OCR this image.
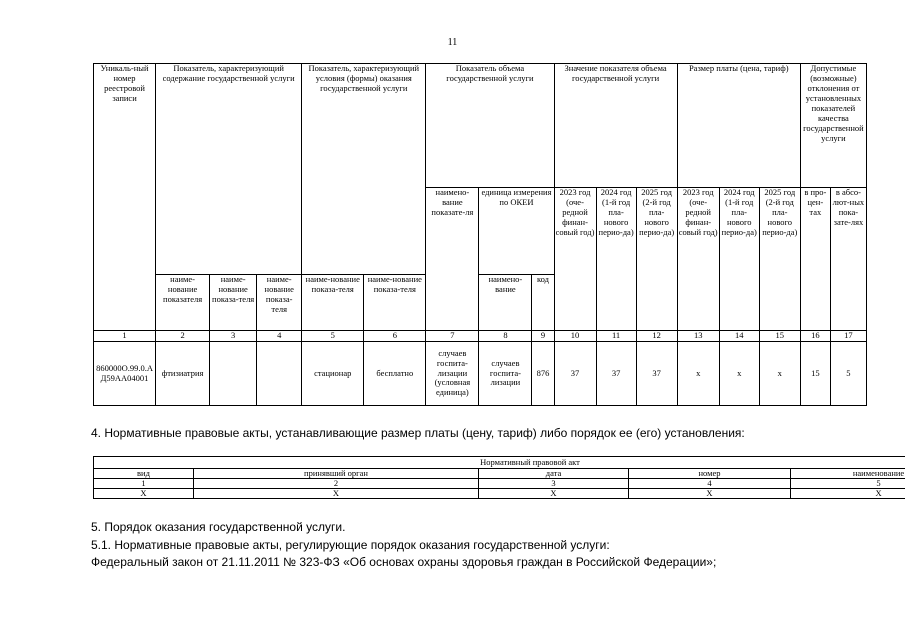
11
Уникаль-ный номер реестровой записи	Показатель, характеризующий содержание государственной услуги			Показатель, характеризующий условия (формы) оказания государственной услуги		Показатель объема государственной услуги			Значение показателя объема государственной услуги			Размер платы (цена, тариф)			Допустимые (возможные) отклонения от установленных показателей качества государственной услуги	
						наимено-вание показате-ля	единица измерения по ОКЕИ		2023 год (оче-редной финан-совый год)	2024 год (1-й год пла-нового перио-да)	2025 год (2-й год пла-нового перио-да)	2023 год (оче-редной финан-совый год)	2024 год (1-й год пла-нового перио-да)	2025 год (2-й год пла-нового перио-да)	в про-цен-тах	в абсо-лют-ных пока-зате-лях
	наиме-нование показателя	наиме-нование показа-теля	наиме-нование показа-теля	наиме-нование показа-теля	наиме-нование показа-теля		наимено-вание	код								
1	2	3	4	5	6	7	8	9	10	11	12	13	14	15	16	17
860000О.99.0.АД59АА04001	фтизиатрия			стационар	бесплатно	случаев госпита-лизации (условная единица)	случаев госпита-лизации	876	37	37	37	х	х	х	15	5
4. Нормативные правовые акты, устанавливающие размер платы (цену, тариф) либо порядок ее (его) установления:
Нормативный правовой акт				
вид	принявший орган	дата	номер	наименование
1	2	3	4	5
Х	Х	Х	Х	Х
5. Порядок оказания государственной услуги.
5.1. Нормативные правовые акты, регулирующие порядок оказания государственной услуги:
Федеральный закон от 21.11.2011 № 323-ФЗ «Об основах охраны здоровья граждан в Российской Федерации»;
